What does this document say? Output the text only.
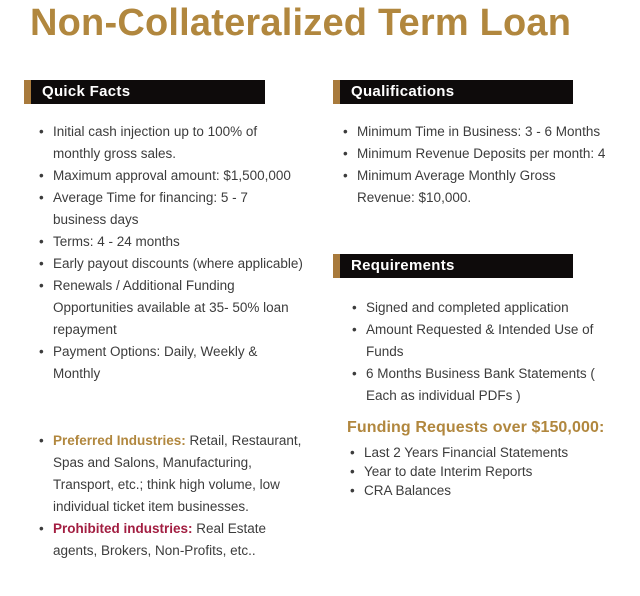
Non-Collateralized Term Loan
Quick Facts	Qualifications
Requirements
• Initial cash injection up to 100% of monthly gross sales.
• Maximum approval amount: $1,500,000
• Average Time for financing: 5 - 7 business days
• Terms: 4 - 24 months
• Early payout discounts (where applicable)
• Renewals / Additional Funding Opportunities available at 35- 50% loan repayment
• Payment Options: Daily, Weekly & Monthly
• Preferred Industries: Retail, Restaurant, Spas and Salons, Manufacturing, Transport, etc.; think high volume, low individual ticket item businesses.
• Prohibited industries: Real Estate agents, Brokers, Non-Profits, etc..
• Minimum Time in Business: 3 - 6 Months
• Minimum Revenue Deposits per month: 4
• Minimum Average Monthly Gross Revenue: $10,000.
• Signed and completed application
• Amount Requested & Intended Use of Funds
• 6 Months Business Bank Statements ( Each as individual PDFs )
Funding Requests over $150,000:
• Last 2 Years Financial Statements
• Year to date Interim Reports
• CRA Balances
